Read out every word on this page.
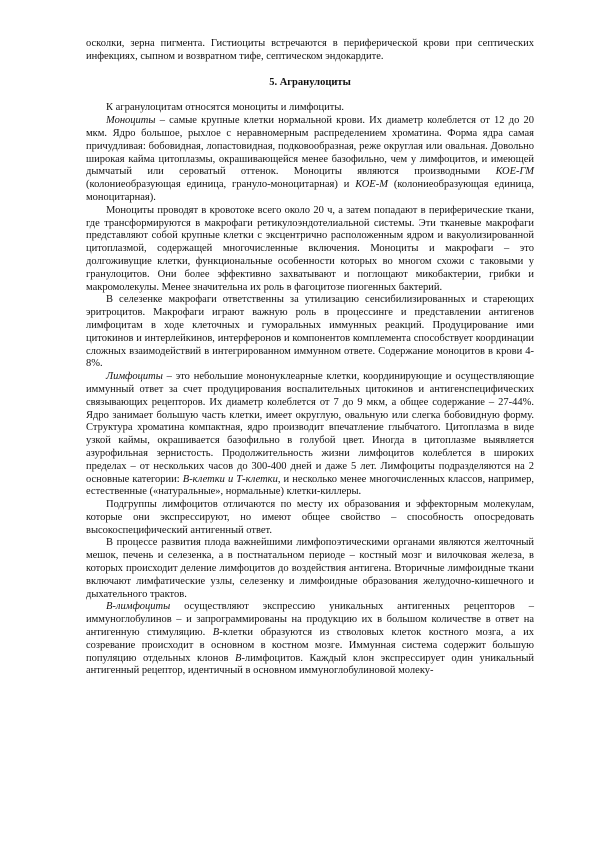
осколки, зерна пигмента. Гистиоциты встречаются в периферической крови при септических инфекциях, сыпном и возвратном тифе, септическом эндокардите.

5. Агранулоциты

К агранулоцитам относятся моноциты и лимфоциты.

Моноциты – самые крупные клетки нормальной крови. Их диаметр колеблется от 12 до 20 мкм. Ядро большое, рыхлое с неравномерным распределением хроматина. Форма ядра самая причудливая: бобовидная, лопастовидная, подковообразная, реже округлая или овальная. Довольно широкая кайма цитоплазмы, окрашивающейся менее базофильно, чем у лимфоцитов, и имеющей дымчатый или сероватый оттенок. Моноциты являются производными КОЕ-ГМ (колониеобразующая единица, грануло-моноцитарная) и КОЕ-М (колониеобразующая единица, моноцитарная).

Моноциты проводят в кровотоке всего около 20 ч, а затем попадают в периферические ткани, где трансформируются в макрофаги ретикулоэндотелиальной системы. Эти тканевые макрофаги представляют собой крупные клетки с эксцентрично расположенным ядром и вакуолизированной цитоплазмой, содержащей многочисленные включения. Моноциты и макрофаги – это долгоживущие клетки, функциональные особенности которых во многом схожи с таковыми у гранулоцитов. Они более эффективно захватывают и поглощают микобактерии, грибки и макромолекулы. Менее значительна их роль в фагоцитозе пиогенных бактерий.

В селезенке макрофаги ответственны за утилизацию сенсибилизированных и стареющих эритроцитов. Макрофаги играют важную роль в процессинге и представлении антигенов лимфоцитам в ходе клеточных и гуморальных иммунных реакций. Продуцирование ими цитокинов и интерлейкинов, интерферонов и компонентов комплемента способствует координации сложных взаимодействий в интегрированном иммунном ответе. Содержание моноцитов в крови 4-8%.

Лимфоциты – это небольшие мононуклеарные клетки, координирующие и осуществляющие иммунный ответ за счет продуцирования воспалительных цитокинов и антигенспецифических связывающих рецепторов. Их диаметр колеблется от 7 до 9 мкм, а общее содержание – 27-44%. Ядро занимает большую часть клетки, имеет округлую, овальную или слегка бобовидную форму. Структура хроматина компактная, ядро производит впечатление глыбчатого. Цитоплазма в виде узкой каймы, окрашивается базофильно в голубой цвет. Иногда в цитоплазме выявляется азурофильная зернистость. Продолжительность жизни лимфоцитов колеблется в широких пределах – от нескольких часов до 300-400 дней и даже 5 лет. Лимфоциты подразделяются на 2 основные категории: В-клетки и Т-клетки, и несколько менее многочисленных классов, например, естественные («натуральные», нормальные) клетки-киллеры.

Подгруппы лимфоцитов отличаются по месту их образования и эффекторным молекулам, которые они экспрессируют, но имеют общее свойство – способность опосредовать высокоспецифический антигенный ответ.

В процессе развития плода важнейшими лимфопоэтическими органами являются желточный мешок, печень и селезенка, а в постнатальном периоде – костный мозг и вилочковая железа, в которых происходит деление лимфоцитов до воздействия антигена. Вторичные лимфоидные ткани включают лимфатические узлы, селезенку и лимфоидные образования желудочно-кишечного и дыхательного трактов.

В-лимфоциты осуществляют экспрессию уникальных антигенных рецепторов – иммуноглобулинов – и запрограммированы на продукцию их в большом количестве в ответ на антигенную стимуляцию. В-клетки образуются из стволовых клеток костного мозга, а их созревание происходит в основном в костном мозге. Иммунная система содержит большую популяцию отдельных клонов В-лимфоцитов. Каждый клон экспрессирует один уникальный антигенный рецептор, идентичный в основном иммуноглобулиновой молеку-
